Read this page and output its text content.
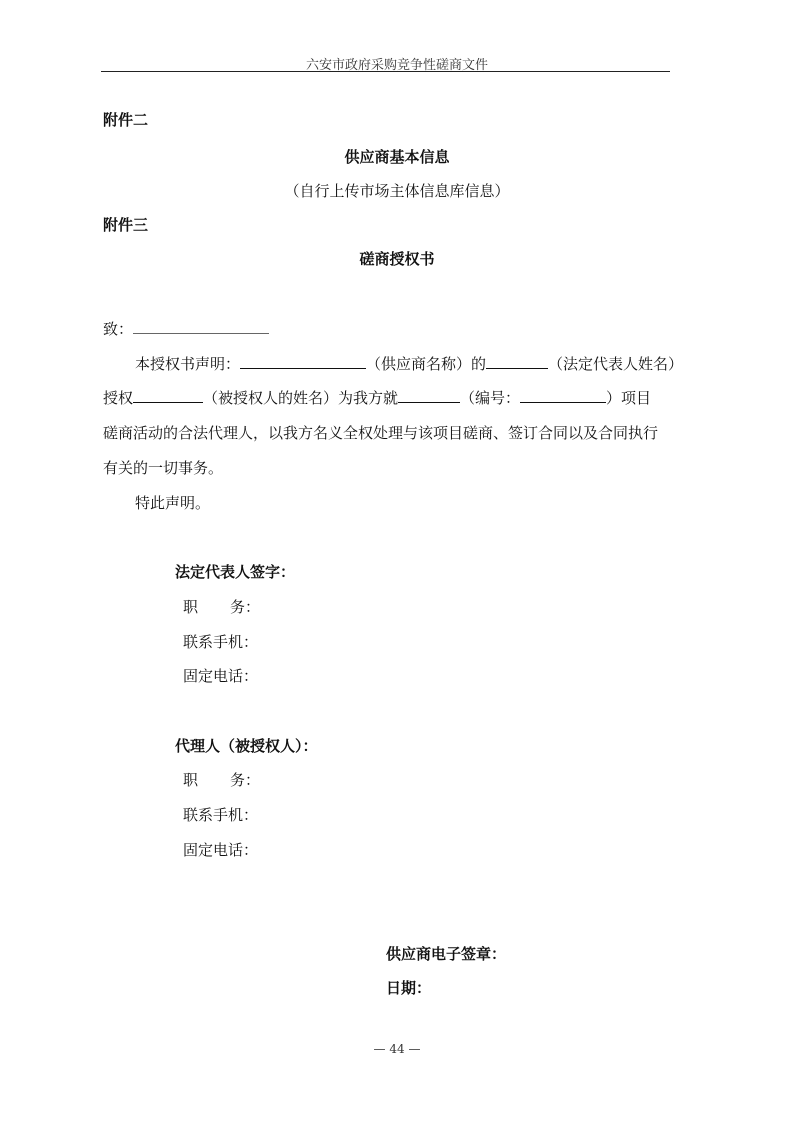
六安市政府采购竞争性磋商文件
附件二
供应商基本信息
（自行上传市场主体信息库信息）
附件三
磋商授权书
致：
本授权书声明：	（供应商名称）的	（法定代表人姓名）
授权	（被授权人的姓名）为我方就	（编号：	）项目
磋商活动的合法代理人，以我方名义全权处理与该项目磋商、签订合同以及合同执行
有关的一切事务。
特此声明。
法定代表人签字：
职 务：
联系手机：
固定电话：
代理人（被授权人）：
职 务：
联系手机：
固定电话：
供应商电子签章：
日期：
— 44 —
